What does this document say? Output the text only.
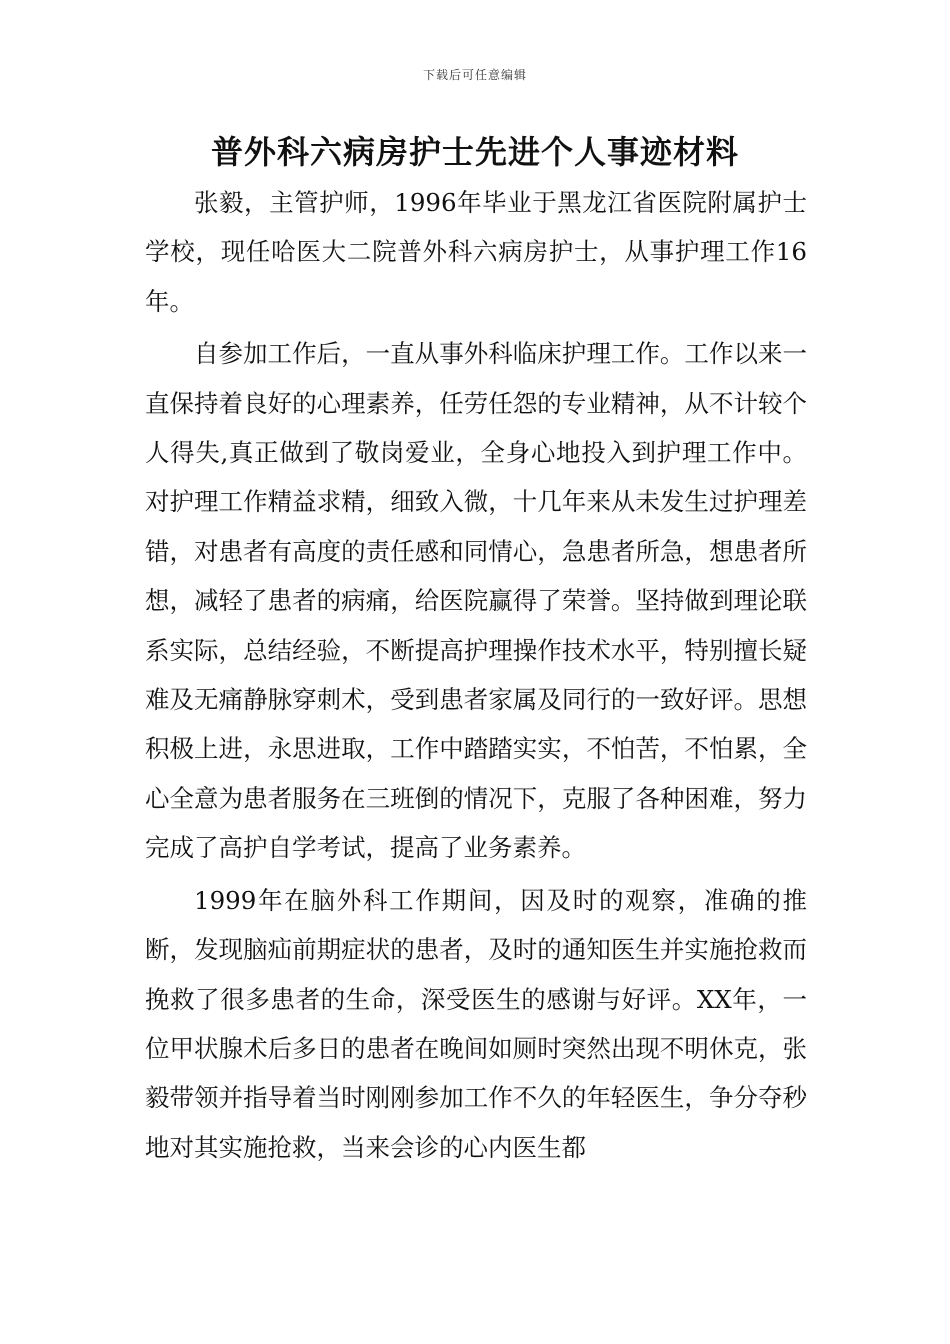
下载后可任意编辑
普外科六病房护士先进个人事迹材料

张毅，主管护师，1996年毕业于黑龙江省医院附属护士学校，现任哈医大二院普外科六病房护士，从事护理工作16年。

自参加工作后，一直从事外科临床护理工作。工作以来一直保持着良好的心理素养，任劳任怨的专业精神，从不计较个人得失,真正做到了敬岗爱业，全身心地投入到护理工作中。对护理工作精益求精，细致入微，十几年来从未发生过护理差错，对患者有高度的责任感和同情心，急患者所急，想患者所想，减轻了患者的病痛，给医院赢得了荣誉。坚持做到理论联系实际，总结经验，不断提高护理操作技术水平，特别擅长疑难及无痛静脉穿刺术，受到患者家属及同行的一致好评。思想积极上进，永思进取，工作中踏踏实实，不怕苦，不怕累，全心全意为患者服务在三班倒的情况下，克服了各种困难，努力完成了高护自学考试，提高了业务素养。

1999年在脑外科工作期间，因及时的观察，准确的推断，发现脑疝前期症状的患者，及时的通知医生并实施抢救而挽救了很多患者的生命，深受医生的感谢与好评。XX年，一位甲状腺术后多日的患者在晚间如厕时突然出现不明休克，张毅带领并指导着当时刚刚参加工作不久的年轻医生，争分夺秒地对其实施抢救，当来会诊的心内医生都
